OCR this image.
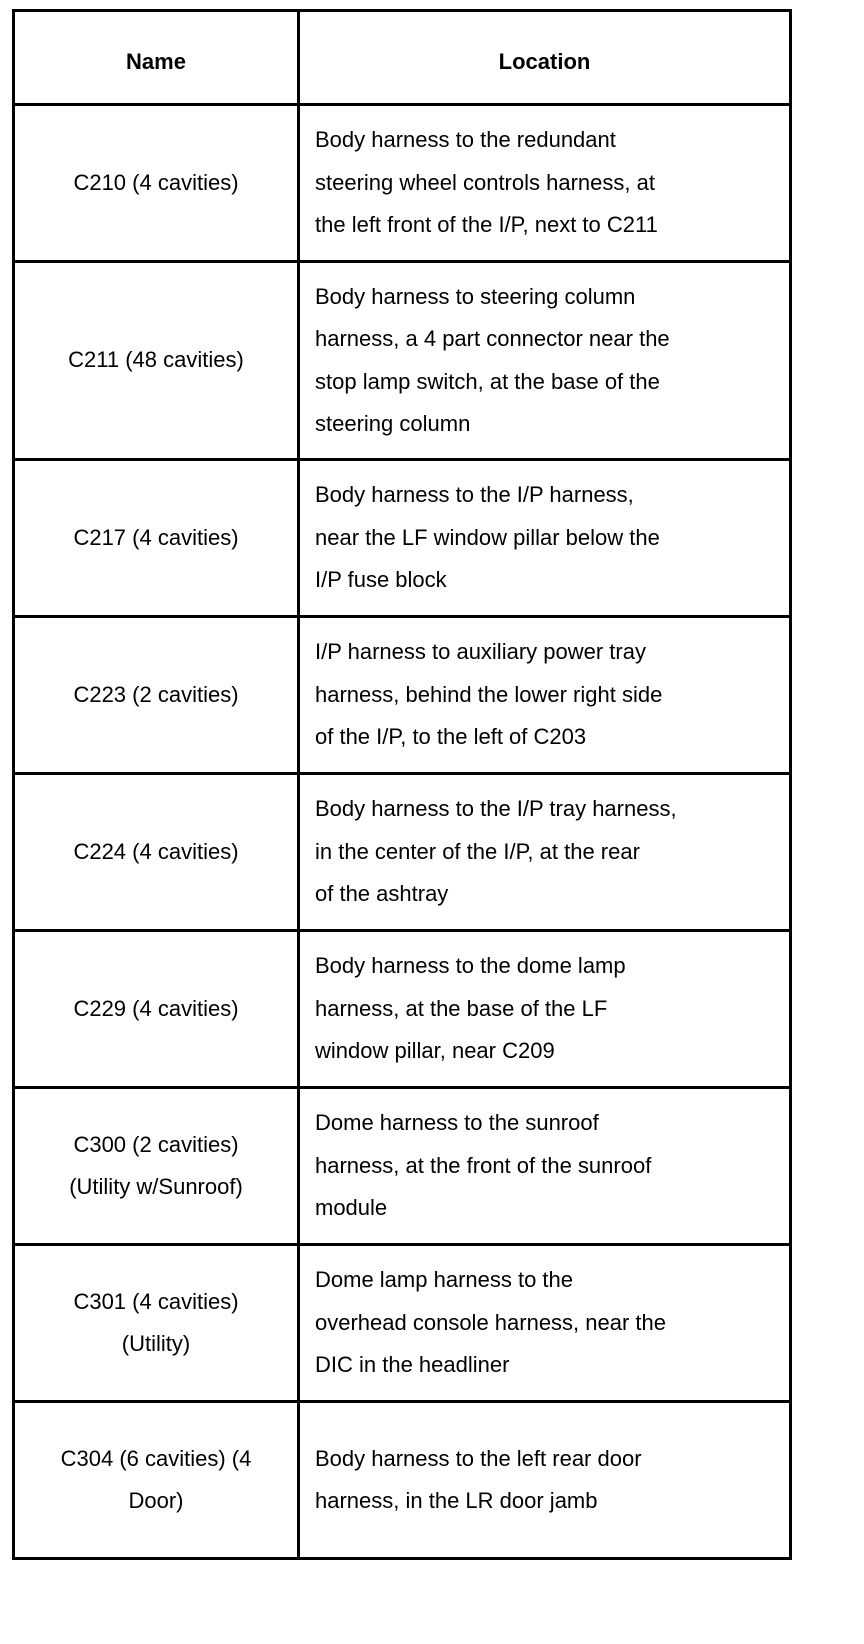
Name	Location

C210 (4 cavities)	Body harness to the redundant
steering wheel controls harness, at
the left front of the I/P, next to C211

C211 (48 cavities)	Body harness to steering column
harness, a 4 part connector near the
stop lamp switch, at the base of the
steering column

C217 (4 cavities)	Body harness to the I/P harness,
near the LF window pillar below the
I/P fuse block

C223 (2 cavities)	I/P harness to auxiliary power tray
harness, behind the lower right side
of the I/P, to the left of C203

C224 (4 cavities)	Body harness to the I/P tray harness,
in the center of the I/P, at the rear
of the ashtray

C229 (4 cavities)	Body harness to the dome lamp
harness, at the base of the LF
window pillar, near C209

C300 (2 cavities)
(Utility w/Sunroof)	Dome harness to the sunroof
harness, at the front of the sunroof
module

C301 (4 cavities)
(Utility)	Dome lamp harness to the
overhead console harness, near the
DIC in the headliner

C304 (6 cavities) (4
Door)	Body harness to the left rear door
harness, in the LR door jamb
